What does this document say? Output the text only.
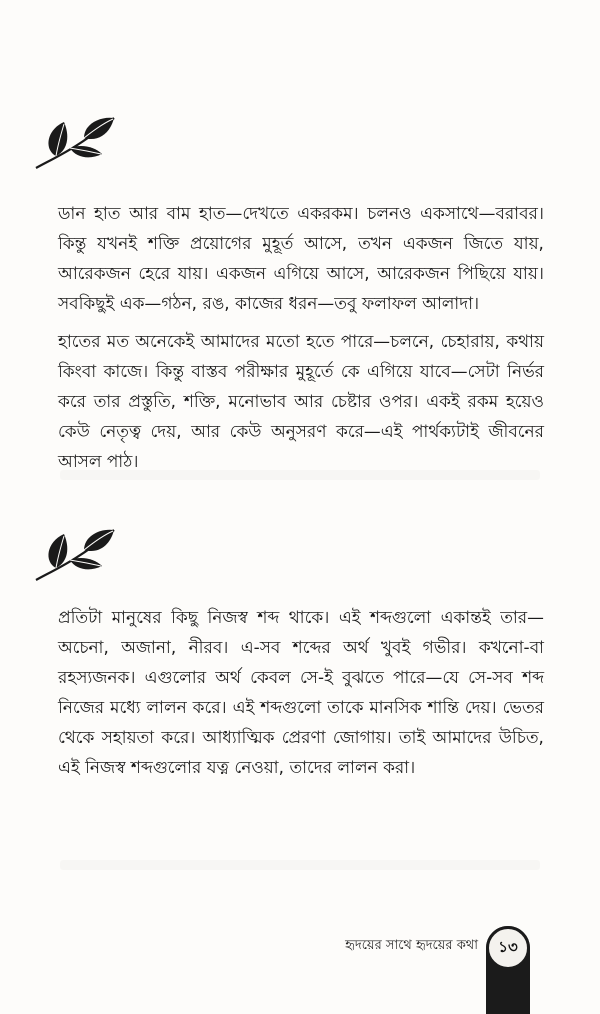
ডান হাত আর বাম হাত—দেখতে একরকম। চলনও একসাথে—বরাবর। কিন্তু যখনই শক্তি প্রয়োগের মুহূর্ত আসে, তখন একজন জিতে যায়, আরেকজন হেরে যায়। একজন এগিয়ে আসে, আরেকজন পিছিয়ে যায়। সবকিছুই এক—গঠন, রঙ, কাজের ধরন—তবু ফলাফল আলাদা।

হাতের মত অনেকেই আমাদের মতো হতে পারে—চলনে, চেহারায়, কথায় কিংবা কাজে। কিন্তু বাস্তব পরীক্ষার মুহূর্তে কে এগিয়ে যাবে—সেটা নির্ভর করে তার প্রস্তুতি, শক্তি, মনোভাব আর চেষ্টার ওপর। একই রকম হয়েও কেউ নেতৃত্ব দেয়, আর কেউ অনুসরণ করে—এই পার্থক্যটাই জীবনের আসল পাঠ।

প্রতিটা মানুষের কিছু নিজস্ব শব্দ থাকে। এই শব্দগুলো একান্তই তার—অচেনা, অজানা, নীরব। এ-সব শব্দের অর্থ খুবই গভীর। কখনো-বা রহস্যজনক। এগুলোর অর্থ কেবল সে-ই বুঝতে পারে—যে সে-সব শব্দ নিজের মধ্যে লালন করে। এই শব্দগুলো তাকে মানসিক শান্তি দেয়। ভেতর থেকে সহায়তা করে। আধ্যাত্মিক প্রেরণা জোগায়। তাই আমাদের উচিত, এই নিজস্ব শব্দগুলোর যত্ন নেওয়া, তাদের লালন করা।

হৃদয়ের সাথে হৃদয়ের কথা	১৩
